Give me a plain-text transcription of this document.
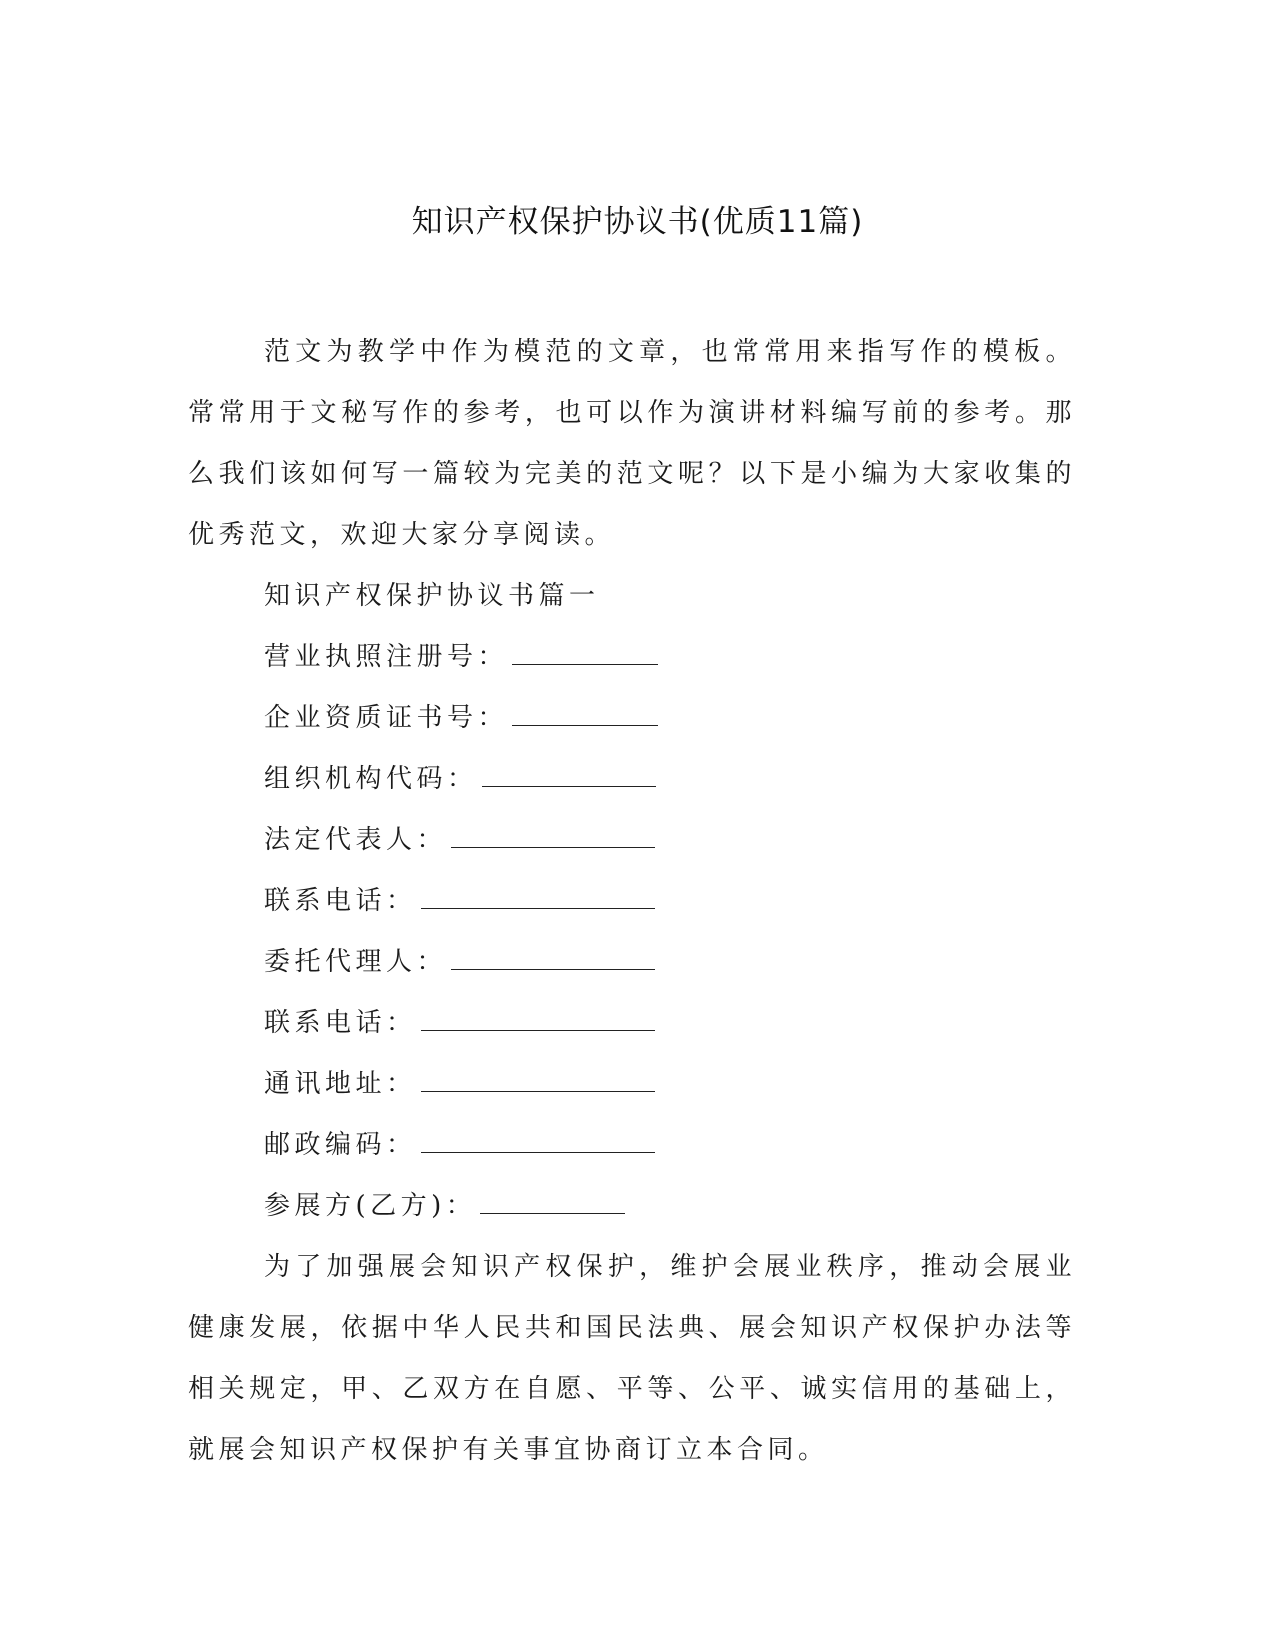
知识产权保护协议书(优质11篇)

范文为教学中作为模范的文章，也常常用来指写作的模板。常常用于文秘写作的参考，也可以作为演讲材料编写前的参考。那么我们该如何写一篇较为完美的范文呢？以下是小编为大家收集的优秀范文，欢迎大家分享阅读。

知识产权保护协议书篇一

营业执照注册号：

企业资质证书号：

组织机构代码：

法定代表人：

联系电话：

委托代理人：

联系电话：

通讯地址：

邮政编码：

参展方(乙方)：

为了加强展会知识产权保护，维护会展业秩序，推动会展业健康发展，依据中华人民共和国民法典、展会知识产权保护办法等相关规定，甲、乙双方在自愿、平等、公平、诚实信用的基础上，就展会知识产权保护有关事宜协商订立本合同。
